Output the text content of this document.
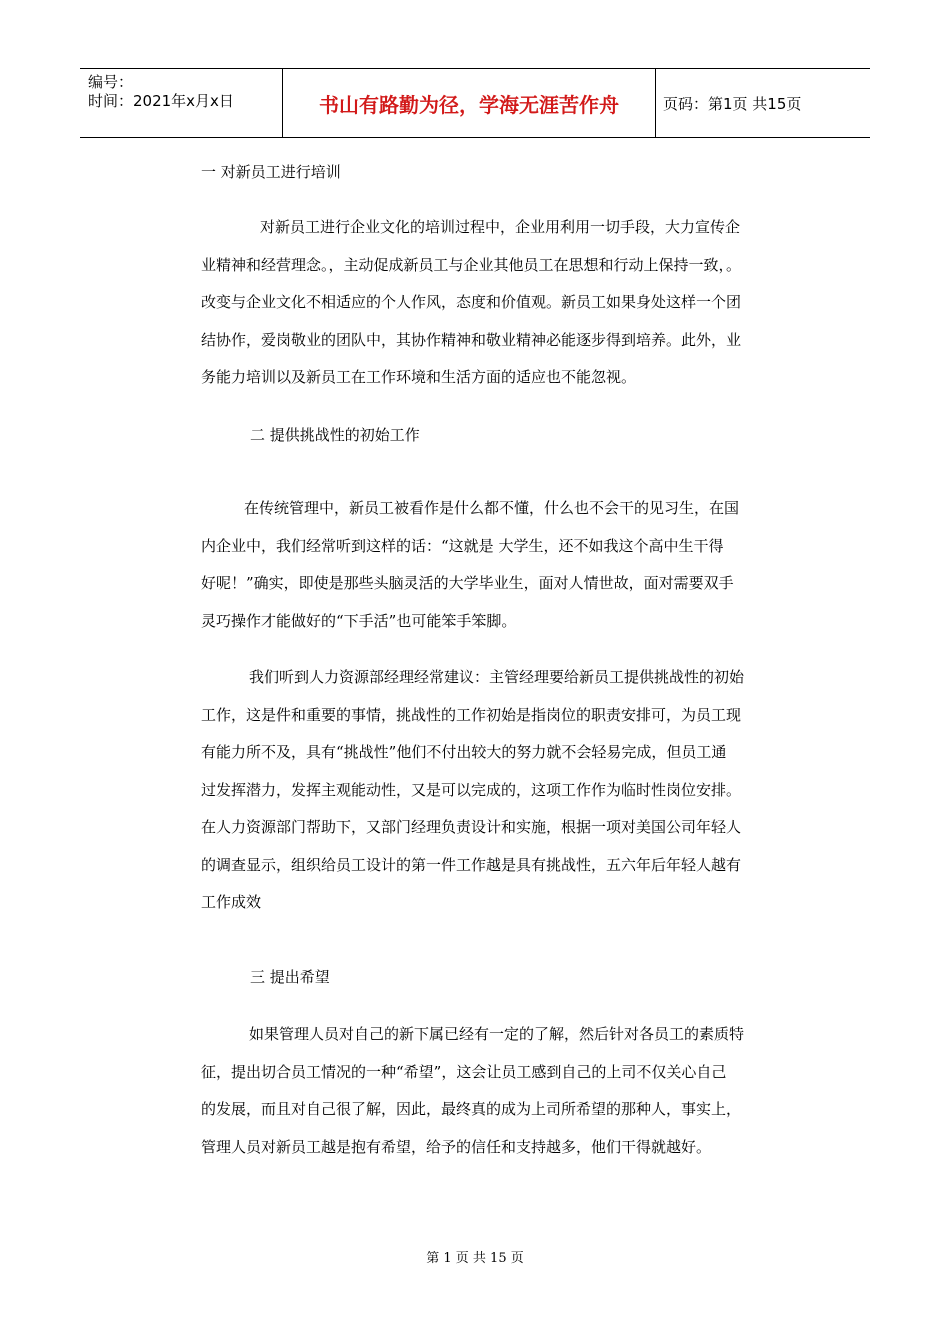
编号：
时间：2021年x月x日	书山有路勤为径，学海无涯苦作舟	页码：第1页 共15页
一 对新员工进行培训
对新员工进行企业文化的培训过程中，企业用利用一切手段，大力宣传企
业精神和经营理念。，主动促成新员工与企业其他员工在思想和行动上保持一致，。
改变与企业文化不相适应的个人作风，态度和价值观。新员工如果身处这样一个团
结协作，爱岗敬业的团队中，其协作精神和敬业精神必能逐步得到培养。此外，业
务能力培训以及新员工在工作环境和生活方面的适应也不能忽视。
二 提供挑战性的初始工作
在传统管理中，新员工被看作是什么都不懂，什么也不会干的见习生，在国
内企业中，我们经常听到这样的话：“这就是 大学生，还不如我这个高中生干得
好呢！”确实，即使是那些头脑灵活的大学毕业生，面对人情世故，面对需要双手
灵巧操作才能做好的“下手活”也可能笨手笨脚。
我们听到人力资源部经理经常建议：主管经理要给新员工提供挑战性的初始
工作，这是件和重要的事情，挑战性的工作初始是指岗位的职责安排可，为员工现
有能力所不及，具有“挑战性”他们不付出较大的努力就不会轻易完成，但员工通
过发挥潜力，发挥主观能动性，又是可以完成的，这项工作作为临时性岗位安排。
在人力资源部门帮助下，又部门经理负责设计和实施，根据一项对美国公司年轻人
的调查显示，组织给员工设计的第一件工作越是具有挑战性，五六年后年轻人越有
工作成效
三 提出希望
如果管理人员对自己的新下属已经有一定的了解，然后针对各员工的素质特
征，提出切合员工情况的一种“希望”，这会让员工感到自己的上司不仅关心自己
的发展，而且对自己很了解，因此，最终真的成为上司所希望的那种人，事实上，
管理人员对新员工越是抱有希望，给予的信任和支持越多，他们干得就越好。
第 1 页 共 15 页
